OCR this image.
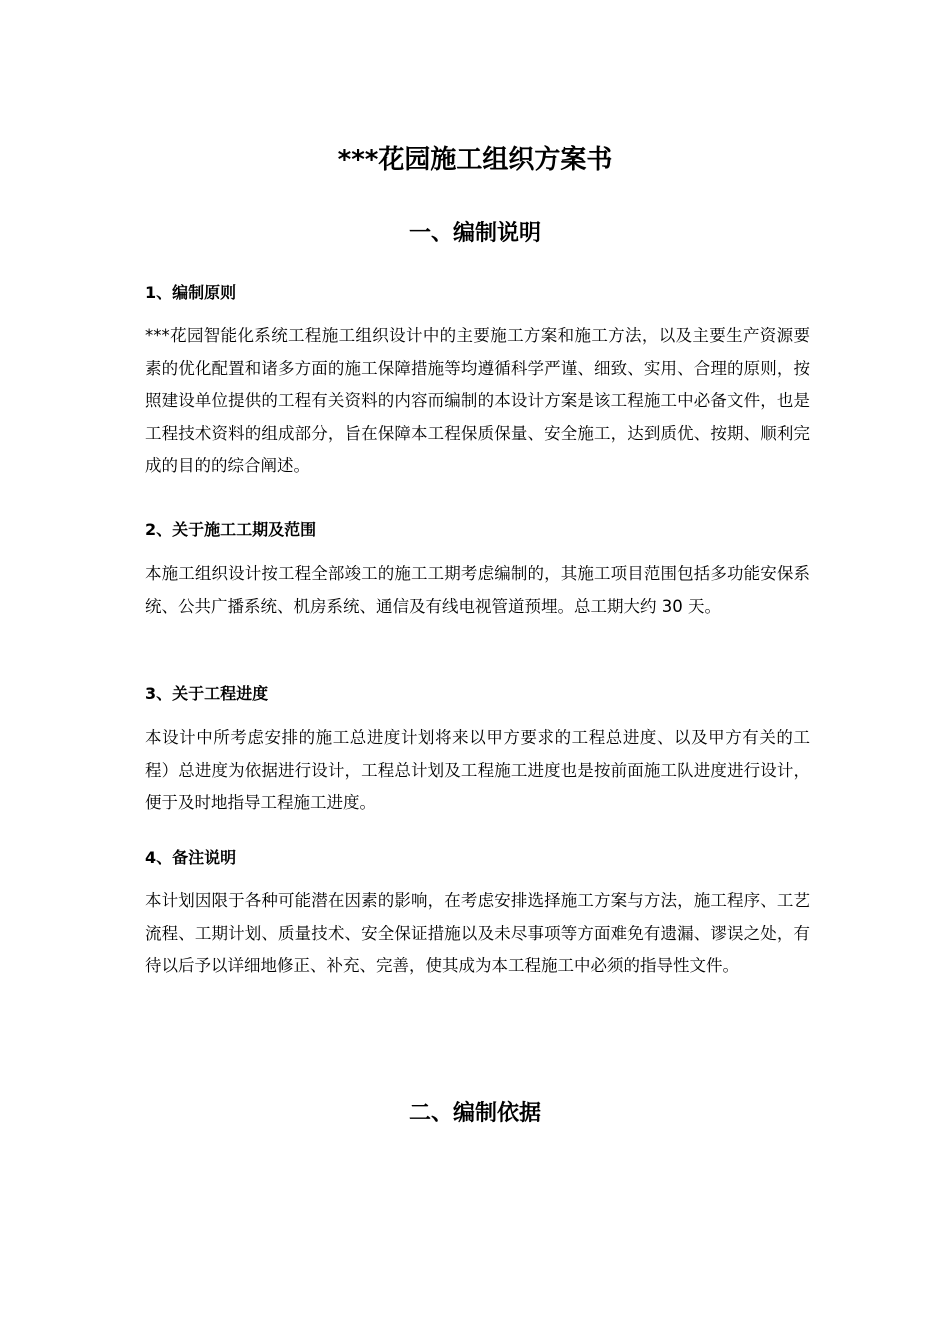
***花园施工组织方案书
一、编制说明
1、编制原则

***花园智能化系统工程施工组织设计中的主要施工方案和施工方法，以及主要生产资源要素的优化配置和诸多方面的施工保障措施等均遵循科学严谨、细致、实用、合理的原则，按照建设单位提供的工程有关资料的内容而编制的本设计方案是该工程施工中必备文件，也是工程技术资料的组成部分，旨在保障本工程保质保量、安全施工，达到质优、按期、顺利完成的目的的综合阐述。

2、关于施工工期及范围

本施工组织设计按工程全部竣工的施工工期考虑编制的，其施工项目范围包括多功能安保系统、公共广播系统、机房系统、通信及有线电视管道预埋。总工期大约 30 天。

3、关于工程进度

本设计中所考虑安排的施工总进度计划将来以甲方要求的工程总进度、以及甲方有关的工程）总进度为依据进行设计，工程总计划及工程施工进度也是按前面施工队进度进行设计，便于及时地指导工程施工进度。

4、备注说明

本计划因限于各种可能潜在因素的影响，在考虑安排选择施工方案与方法，施工程序、工艺流程、工期计划、质量技术、安全保证措施以及未尽事项等方面难免有遗漏、谬误之处，有待以后予以详细地修正、补充、完善，使其成为本工程施工中必须的指导性文件。

二、编制依据
